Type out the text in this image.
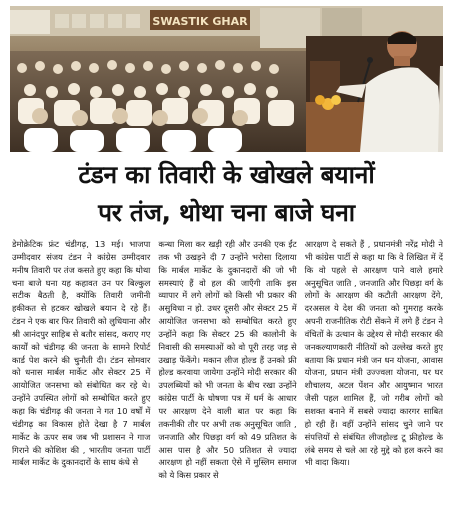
SWASTIK GHAR
टंडन का तिवारी के खोखले बयानों
पर तंज, थोथा चना बाजे घना

डेमोक्रेटिक फ्रंट चंडीगढ़, 13 मई। भाजपा उम्मीदवार संजय टंडन ने कांग्रेस उम्मीदवार मनीष तिवारी पर तंज कसते हुए कहा कि थोथा चना बाजे घना यह कहावत उन पर बिल्कुल सटीक बैठती है, क्योंकि तिवारी जमीनी हकीकत से हटकर खोखले बयान दे रहे हैं। टंडन ने एक बार फिर तिवारी को लुधियाना और श्री आनंदपुर साहिब से बतौर सांसद, कराए गए कार्यों को चंडीगढ़ की जनता के सामने रिपोर्ट कार्ड पेश करने की चुनौती दी। टंडन सोमवार को धनास मार्बल मार्केट और सेक्टर 25 में आयोजित जनसभा को संबोधित कर रहे थे। उन्होंने उपस्थित लोगों को सम्बोधित करते हुए कहा कि चंडीगढ़ की जनता ने गत 10 वर्षों में चंडीगढ़ का विकास होते देखा है 7 मार्बल मार्केट के ऊपर सब जब भी प्रशासन ने गाज गिराने की कोशिश की , भारतीय जनता पार्टी मार्बल मार्केट के दुकानदारों के साथ कंधे से

कन्धा मिला कर खड़ी रही और उनकी एक ईंट तक भी उखड़ने दी 7 उन्होंने भरोसा दिलाया कि मार्बल मार्केट के दुकानदारों की जो भी समस्याएं हैं वो हल की जाएँगी ताकि इस व्यापार में लगे लोगों को किसी भी प्रकार की असुविधा न हो. उधर दूसरी और सेक्टर 25 में आयोजित जनसभा को सम्बोधित करते हुए उन्होंने कहा कि सेक्टर 25 की कालोनी के निवासी की समस्याओं को वो पूरी तरह जड़ से उखाड़ फेंकेंगे। मकान लीज होल्ड हैं उनको फ्री होल्ड करवाया जायेगा उन्होंने मोदी सरकार की उपलब्धियों को भी जनता के बीच रखा उन्होंने कांग्रेस पार्टी के घोषणा पत्र में धर्म के आधार पर आरक्षण देने वाली बात पर कहा कि तकनीकी तौर पर अभी तक अनुसूचित जाति , जनजाति और पिछड़ा वर्ग को 49 प्रतिशत के आस पास है और 50 प्रतिशत से ज्यादा आरक्षण हो नहीं सकता ऐसे में मुस्लिम समाज को ये किस प्रकार से

आरक्षण दे सकते हैं , प्रधानमंत्री नरेंद्र मोदी ने भी कांग्रेस पार्टी से कहा था कि वे लिखित में दें कि वो पहले से आरक्षण पाने वाले हमारे अनुसूचित जाति , जनजाति और पिछड़ा वर्ग के लोगों के आरक्षण की कटौती आरक्षण देंगे, दरअसल ये देश की जनता को गुमराह करके अपनी राजनीतिक रोटी सेंकने में लगे हैं टंडन ने वंचितों के उत्थान के उद्देश्य से मोदी सरकार की जनकल्याणकारी नीतियों को उल्लेख करते हुए बताया कि प्रधान मंत्री जन धन योजना, आवास योजना, प्रधान मंत्री उज्ज्वला योजना, घर घर शौचालय, अटल पेंशन और आयुष्मान भारत जैसी पहल शामिल हैं, जो गरीब लोगों को सशक्त बनाने में सबसे ज्यादा कारगर साबित हो रही हैं। वहीं उन्होंने सांसद चुने जाने पर संपत्तियों से संबंधित लीजहोल्ड टू फ्रीहोल्ड के लंबे समय से चले आ रहे मुद्दे को हल करने का भी वादा किया।
